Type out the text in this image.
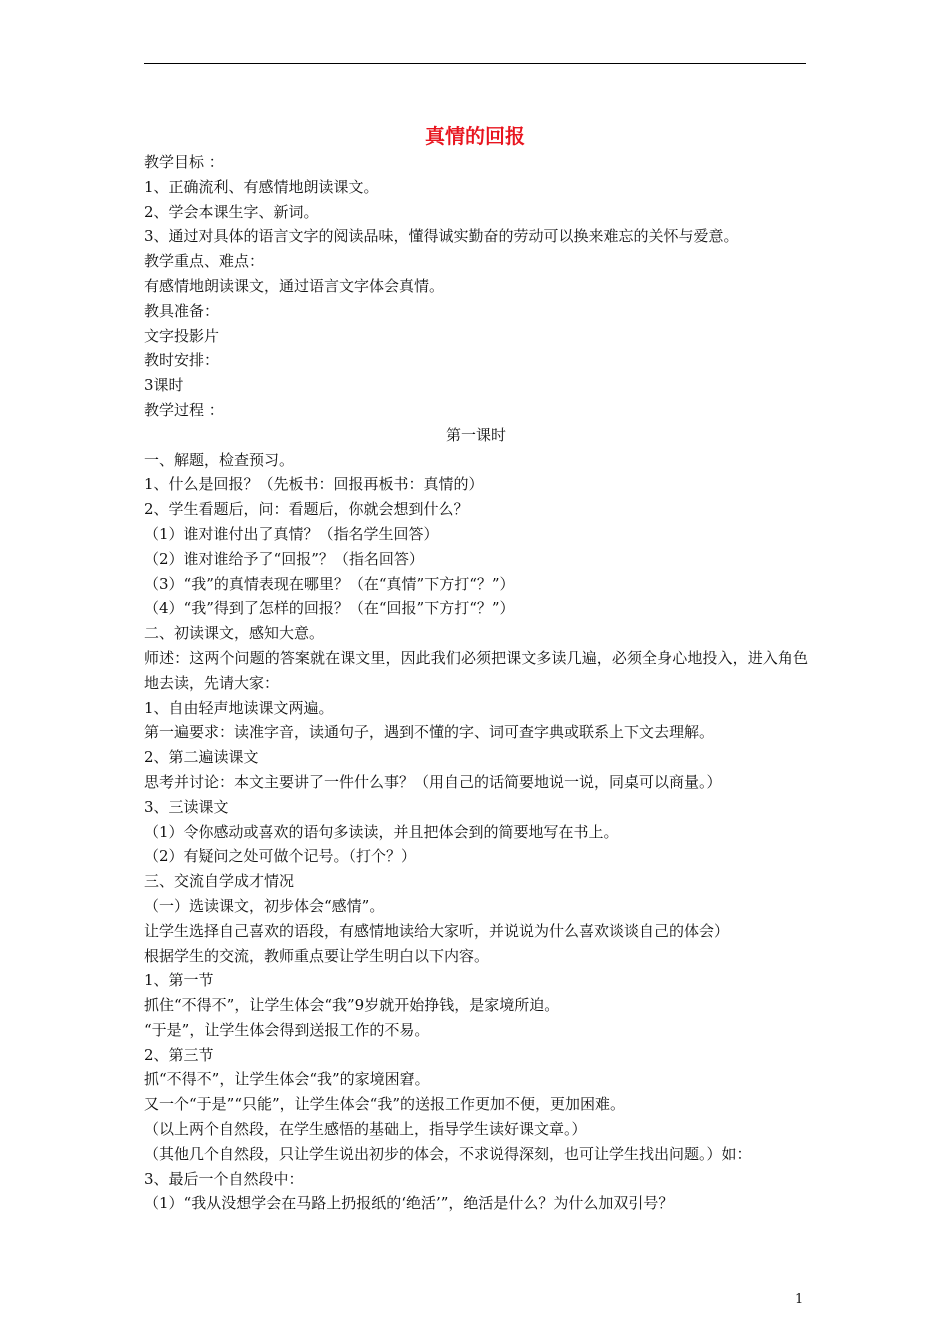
真情的回报
教学目标 ：
1、正确流利、有感情地朗读课文。
2、学会本课生字、新词。
3、通过对具体的语言文字的阅读品味，懂得诚实勤奋的劳动可以换来难忘的关怀与爱意。
教学重点、难点：
有感情地朗读课文，通过语言文字体会真情。
教具准备：
文字投影片
教时安排：
3课时
教学过程 ：
第一课时
一、解题，检查预习。
1、什么是回报？（先板书：回报再板书：真情的）
2、学生看题后，问：看题后，你就会想到什么？
（1）谁对谁付出了真情？（指名学生回答）
（2）谁对谁给予了“回报”？（指名回答）
（3）“我”的真情表现在哪里？（在“真情”下方打“？”）
（4）“我”得到了怎样的回报？（在“回报”下方打“？”）
二、初读课文，感知大意。
师述：这两个问题的答案就在课文里，因此我们必须把课文多读几遍，必须全身心地投入，进入角色地去读，先请大家：
1、自由轻声地读课文两遍。
第一遍要求：读准字音，读通句子，遇到不懂的字、词可查字典或联系上下文去理解。
2、第二遍读课文
思考并讨论：本文主要讲了一件什么事？（用自己的话简要地说一说，同桌可以商量。）
3、三读课文
（1）令你感动或喜欢的语句多读读，并且把体会到的简要地写在书上。
（2）有疑问之处可做个记号。（打个？）
三、交流自学成才情况
（一）选读课文，初步体会“感情”。
让学生选择自己喜欢的语段，有感情地读给大家听，并说说为什么喜欢谈谈自己的体会）
根据学生的交流，教师重点要让学生明白以下内容。
1、第一节
抓住“不得不”，让学生体会“我”9岁就开始挣钱，是家境所迫。
“于是”，让学生体会得到送报工作的不易。
2、第三节
抓“不得不”，让学生体会“我”的家境困窘。
又一个“于是”“只能”，让学生体会“我”的送报工作更加不便，更加困难。
（以上两个自然段，在学生感悟的基础上，指导学生读好课文章。）
（其他几个自然段，只让学生说出初步的体会，不求说得深刻，也可让学生找出问题。）如：
3、最后一个自然段中：
（1）“我从没想学会在马路上扔报纸的‘绝活’”，绝活是什么？为什么加双引号？
1
